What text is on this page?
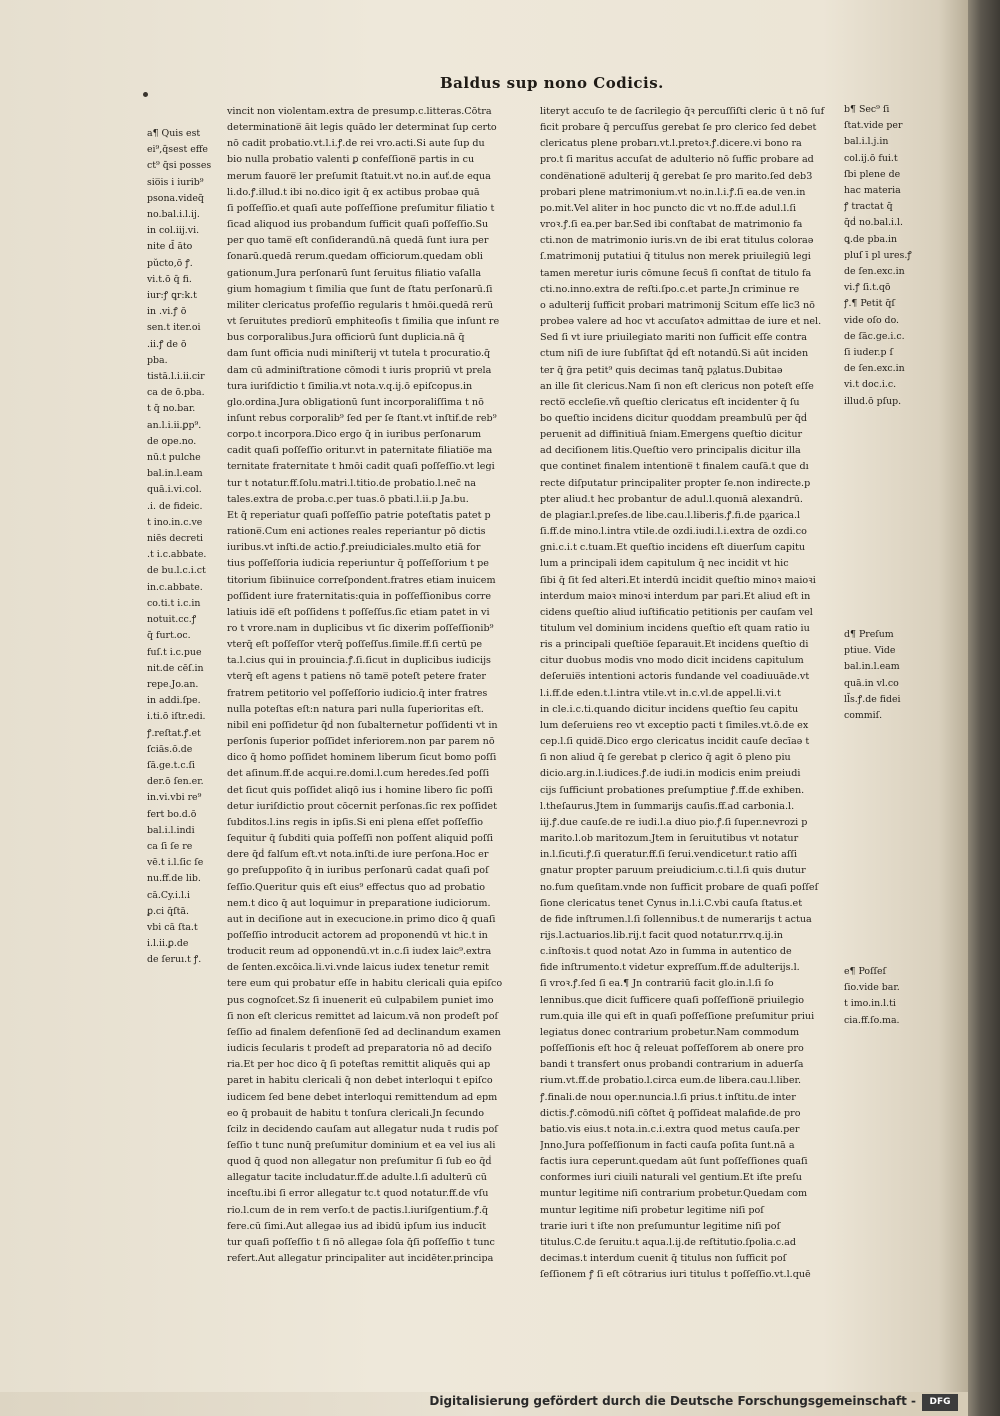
Baldus sup nono Codicis.
a¶ Quis est
ei⁹,q̄sest effe
ct⁹ q̄si posses
sio̅is i iurib⁹
psona.videq̄
no.bal.i.l.ij.
in col.iij.vi.
nite d̄ āto
pŭcto,ō ꝭ.
vi.t.ō q̄ fi.
iur:ꝭ ꝗr:k.t
in .vi.ꝭ ō
sen.t iter.oi
.ii.ꝭ de ō
pba.
tistā.l.i.ii.cir
ca de ō.pba.
t q̄ no.bar.
an.l.i.ii.ꝑp⁹.
de ope.no.
nū.t pulche
bal.in.l.eam
quā.i.vi.col.
.i. de fideic.
t ino.in.c.ve
niēs decreti
.t i.c.abbate.
de bu.l.c.i.ct
in.c.abbate.
co.ti.t i.c.in
notuit.cc.ꝭ
q̄ furt.oc.
fuſ.t i.c.pue
nit.de cēſ.in
repe.Jo.an.
in addi.ſpe.
i.ti.ō iſtr.edi.
ꝭ.reſtat.ꝭ.et
ſciās.ō.de
ſā.ge.t.c.ſi
der.ō ſen.er.
in.vi.vbi re⁹
fert bo.d.ō
bal.i.l.indi
ca ſi ſe re
vē.t i.l.ſic ſe
nu.ff.de lib.
cā.Cy.i.l.i
ꝑ.ci q̄ſtā.
vbi cā ſta.t
i.l.ii.ꝑ.de
de ſeruı.t ꝭ.
vincit non violentam.extra de presump.c.litteras.Cōtra
determinatione̅ āit legis quādo ler determinat ſup certo
nō cadit probatio.vt.l.i.ꝭ.de rei vro.acti.Si aute ſup du
bio nulla probatio valenti ꝑ confeſſione̅ partis in cu
merum fauore̅ ler preſumit ſtatuit.vt no.in auť.de equa
li.do.ꝭ.illud.t ibi no.dico igit q̄ ex actibus probaǝ quā
ſi poſſeſſio.et quaſi aute poſſeſſione preſumitur filiatio t
ſicad aliquod ius probandum ſufficit quaſi poſſeſſio.Su
per quo tame̅ eſt conſiderandū.nā quedā ſunt iura per
ſonarū.quedā rerum.quedam officiorum.quedam obli
gationum.Jura perſonarū ſunt ſeruitus filiatio vaſalla
gium homagium t ſimilia que ſunt de ſtatu perſonarū.ſi
militer clericatus profeſſio regularis t hmōi.quedā rerū
vt ſeruitutes prediorū emphiteoſis t ſimilia que inſunt re
bus corporalibus.Jura officiorū ſunt duplicia.nā q̄
dam ſunt officia nudi miniſterij vt tutela t procuratio.q̄
dam cū adminiſtratione cōmodi t iuris propriū vt prela
tura iuriſdictio t ſimilia.vt nota.v.q.ij.ō epiſcopus.in
glo.ordina.Jura obligationū ſunt incorporaliſſima t nō
inſunt rebus corporalib⁹ ſed per ſe ſtant.vt inſtif.de reb⁹
corpo.t incorpora.Dico ergo q̄ in iuribus perſonarum
cadit quaſi poſſeſſio oritur.vt in paternitate filiatio̅e ma
ternitate fraternitate t hmōi cadit quaſi poſſeſſio.vt legi
tur t notatur.ff.ſolu.matri.l.titio.de probatio.l.nec̄ na
tales.extra de proba.c.per tuas.ō pbati.l.ii.p Ja.bu.
Et q̄ reperiatur quaſi poſſeſſio patrie poteſtatis patet p
ratione̅.Cum eni actiones reales reperiantur pō dictis
iuribus.vt inſti.de actio.ꝭ.preiudiciales.multo etiā for
tius poſſeſſoria iudicia reperiuntur q̄ poſſeſſorium t pe
titorium ſibiinuice correſpondent.fratres etiam inuicem
poſſident iure fraternitatis:quia in poſſeſſionibus corre
latiuis ide̅ eſt poſſidens t poſſeſſus.ſic etiam patet in vi
ro t vrore.nam in duplicibus vt ſic dixerim poſſeſſionib⁹
vterq̄ eſt poſſeſſor vterq̄ poſſeſſus.ſimile.ff.ſi certū pe
ta.l.cius qui in prouincia.ꝭ.ſi.ſicut in duplicibus iudicijs
vterq̄ eſt agens t patiens nō tame̅ poteſt petere frater
fratrem petitorio vel poſſeſſorio iudicio.q̄ inter fratres
nulla poteſtas eſt:n natura pari nulla ſuperioritas eſt.
nibil eni poſſidetur q̄ḋ non ſubalternetur poſſidenti vt in
perſonis ſuperior poſſidet inferiorem.non par parem nō
dico q̄ homo poſſidet hominem liberum ſicut bomo poſſi
det aſinum.ff.de acqui.re.domi.l.cum heredes.ſed poſſi
det ſicut quis poſſidet aliqō ius i homine libero ſic poſſi
detur iuriſdictio prout cōcernit perſonas.ſic rex poſſidet
ſubditos.l.ins regis in ipſis.Si eni plena eſſet poſſeſſio
ſequitur q̄ ſubditi quia poſſeſſi non poſſent aliquid poſſi
dere q̄ḋ falſum eſt.vt nota.inſti.de iure perſona.Hoc er
go preſuppoſito q̄ in iuribus perſonarū cadat quaſi poſ
ſeſſio.Queritur quis eſt eius⁹ effectus quo ad probatio
nem.t dico q̄ aut loquimur in preparatione iudiciorum.
aut in deciſione aut in execucione.in primo dico q̄ quaſi
poſſeſſio introducit actorem ad proponendū vt hic.t in
troducit reum ad opponendū.vt in.c.ſi iudex laic⁹.extra
de ſenten.excōica.li.vi.vnde laicus iudex tenetur remit
tere eum qui probatur eſſe in habitu clericali quia epiſco
pus cognoſcet.Sz ſi inuenerit eū culpabilem puniet imo
ſi non eſt clericus remittet ad laicum.vā non prodeſt poſ
ſeſſio ad finalem defenſione̅ ſed ad declinandum examen
iudicis ſecularis t prodeſt ad preparatoria nō ad deciſo
ria.Et per hoc dico q̄ ſi poteſtas remittit aliquēs qui ap
paret in habitu clericali q̄ non debet interloqui t epiſco
iudicem ſed bene debet interloqui remittendum ad epm
eo q̄ probauit de habitu t tonſura clericali.Jn ſecundo
ſcilz in decidendo cauſam aut allegatur nuda t rudis poſ
ſeſſio t tunc nunq̄ preſumitur dominium et ea vel ius ali
quod q̄ quod non allegatur non preſumitur ſi ſub eo q̄ḋ
allegatur tacite includatur.ff.de adulte.l.ſi adulterū cū
inceſtu.ibi ſi error allegatur tc.t quod notatur.ff.de vſu
rio.l.cum de in rem verſo.t de pactis.l.iuriſgentium.ꝭ.q̄
fere.cū ſimi.Aut allegaǝ ius ad ibidū ipſum ius inducīt
tur quaſi poſſeſſio t ſi nō allegaǝ ſola q̄ſi poſſeſſio t tunc
refert.Aut allegatur principaliter aut incidēter.principa
literyt accuſo te de ſacrilegio q̄ꝛ percuſſiſti cleric ū t nō ſuf
ficit probare q̄ percuſſus gerebat ſe pro clerico ſed debet
clericatus plene probarı.vt.l.pretoꝛ.ꝭ.dicere.vi bono ra
pro.t ſi maritus accuſat de adulterio nō ſuffic probare ad
conde̅natione̅ adulterij q̄ gerebat ſe pro marito.ſed deb3
probari plene matrimonium.vt no.in.l.i.ꝭ.ſi ea.de ven.in
po.mit.Vel aliter in hoc puncto dic vt no.ff.de adul.l.ſi
vroꝛ.ꝭ.ſi ea.per bar.Sed ibi conſtabat de matrimonio fa
cti.non de matrimonio iuris.vn de ibi erat titulus coloraǝ
ſ.matrimonij putatiui q̄ titulus non merek priuilegiū legi
tamen meretur iuris cōmune ſecus̄ ſi conſtat de titulo fa
cti.no.inno.extra de reſti.ſpo.c.et parte.Jn criminue re
o adulterij ſufficit probari matrimonij Scitum eſſe lic3 nō
probeǝ valere ad hoc vt accuſatoꝛ admittaǝ de iure et nel.
Sed ſi vt iure priuilegiato mariti non ſufficit eſſe contra
ctum niſi de iure ſubſiſtat q̄ḋ eſt notandū.Si aūt inciden
ter q̄ ḡra petit⁹ quis decimas tanq̄ pᵹlatus.Dubitaǝ
an ille ſit clericus.Nam ſi non eſt clericus non poteſt eſſe
recto̅ eccleſie.vñ queſtio clericatus eſt incidenter q̄ ſu
bo queſtio incidens dicitur quoddam preambulū per q̄ḋ
peruenit ad diffinitiuā ſniam.Emergens queſtio dicitur
ad deciſionem litis.Queſtio vero principalis dicitur illa
que continet finalem intentione̅ t finalem cauſā.t que dı
recte diſputatur principaliter propter ſe.non indirecte.p
pter aliud.t hec probantur de adul.l.quonıā alexandrū.
de plagiar.l.preſes.de libe.cau.l.liberis.ꝭ.fi.de pᵹarica.l
ſi.ff.de mino.l.intra vtile.de ozdi.iudi.l.i.extra de ozdi.co
gni.c.i.t c.tuam.Et queſtio incidens eſt diuerſum capitu
lum a principali idem capitulum q̄ nec incidit vt hic
ſibi q̄ ſit ſed alteri.Et interdū incidit queſtio minoꝛ maioꝛi
interdum maioꝛ minoꝛi interdum par pari.Et aliud eſt in
cidens queſtio aliud iuſtificatio petitionis per cauſam vel
titulum vel dominium incidens queſtio eſt quam ratio iu
ris a principali queſtio̅e ſeparauit.Et incidens queſtio di
citur duobus modis vno modo dicit incidens capitulum
deſeruie̅s intentioni actoris fundande vel coadiuuāde.vt
l.i.ff.de eden.t.l.intra vtile.vt in.c.vl.de appel.li.vi.t
in cle.i.c.ti.quando dicitur incidens queſtio ſeu capitu
lum deſeruiens reo vt exceptio pacti t ſimiles.vt.ō.de ex
cep.l.ſi quide̅.Dico ergo clericatus incidit cauſe decīaǝ t
ſi non aliud q̄ ſe gerebat p clerico q̄ agit ō pleno piu
dicio.arg.in.l.iudices.ꝭ.de iudi.in modicis enim preiudi
cijs ſufficiunt probationes preſumptiue ꝭ.ff.de exhiben.
l.theſaurus.Jtem in ſummarijs cauſis.ff.ad carbonia.l.
iij.ꝭ.due cauſe.de re iudi.l.a diuo pio.ꝭ.ſi ſuper.nevrozi p
marito.l.ob maritozum.Jtem in ſeruitutibus vt notatur
in.l.ſicuti.ꝭ.ſi queratur.ff.ſi ſerui.vendicetur.t ratio aſſi
gnatur propter paruum preiudicium.c.ti.l.ſi quis dıutur
no.fum queſitam.vnde non ſufficit probare de quaſi poſſeſ
ſione clericatus tenet Cynus in.l.i.C.vbi cauſa ſtatus.et
de fide inſtrumen.l.ſi ſollennibus.t de numerarijs t actua
rijs.l.actuarios.lib.rij.t facit quod notatur.rrv.q.ij.in
c.inſtoꝛis.t quod notat Azo in ſumma in autentico de
fide inſtrumento.t videtur expreſſum.ff.de adulterijs.l.
ſi vroꝛ.ꝭ.ſed ſi ea.¶ Jn contrariū facit glo.in.l.ſi ſo
lennibus.que dicit ſufficere quaſi poſſeſſione̅ priuilegio
rum.quia ille qui eſt in quaſi poſſeſſione preſumitur priui
legiatus donec contrarium probetur.Nam commodum
poſſeſſionis eſt hoc q̄ releuat poſſeſſorem ab onere pro
bandi t transfert onus probandi contrarium in aduerſa
rium.vt.ff.de probatio.l.circa eum.de libera.cau.l.liber.
ꝭ.finali.de nouı oper.nuncia.l.ſi prius.t inſtitu.de inter
dictis.ꝭ.cōmodū.niſi cōſtet q̄ poſſideat malafide.de pro
batio.vis eius.t nota.in.c.i.extra quod metus cauſa.per
Jnno.Jura poſſeſſionum in facti cauſa poſita ſunt.nā a
factis iura ceperunt.quedam aūt ſunt poſſeſſiones quaſi
conformes iuri ciuili naturali vel gentium.Et iſte preſu
muntur legitime niſi contrarium probetur.Quedam com
muntur legitime niſi probetur legitime niſi poſ
trarie iuri t iſte non preſumuntur legitime niſi poſ
titulus.C.de ſeruitu.t aqua.l.ij.de reſtitutio.ſpolia.c.ad
decimas.t interdum cuenit q̄ titulus non ſufficit poſ
ſeſſionem ꝭ ſi eſt cōtrarius iuri titulus t poſſeſſio.vt.l.quē
b¶ Sec⁹ ſi
ſtat.vide per
bal.i.l.j.in
col.ij.ō fui.t
ſbi plene de
hac materia
ꝭ tractat q̄
q̄ḋ no.bal.i.l.
ꝗ.de pba.in
pluſ ī pl ures.ꝭ
de ſen.exc.in
vi.ꝭ ſi.t.qō
ꝭ.¶ Petit q̄ſ
vide oſo do.
de ſāc.ge.i.c.
ſi iuder.p ſ
de ſen.exc.in
vi.t doc.i.c.
illud.ō pſup.
d¶ Preſum
ptiue. Vide
bal.in.l.eam
quā.in vl.co
ll̄s.ꝭ.de fidei
commiſ.
e¶ Poſſeſ
ſio.vide bar.
t imo.in.l.ti
cia.ff.ſo.ma.
Digitalisierung gefördert durch die Deutsche Forschungsgemeinschaft -	DFG
